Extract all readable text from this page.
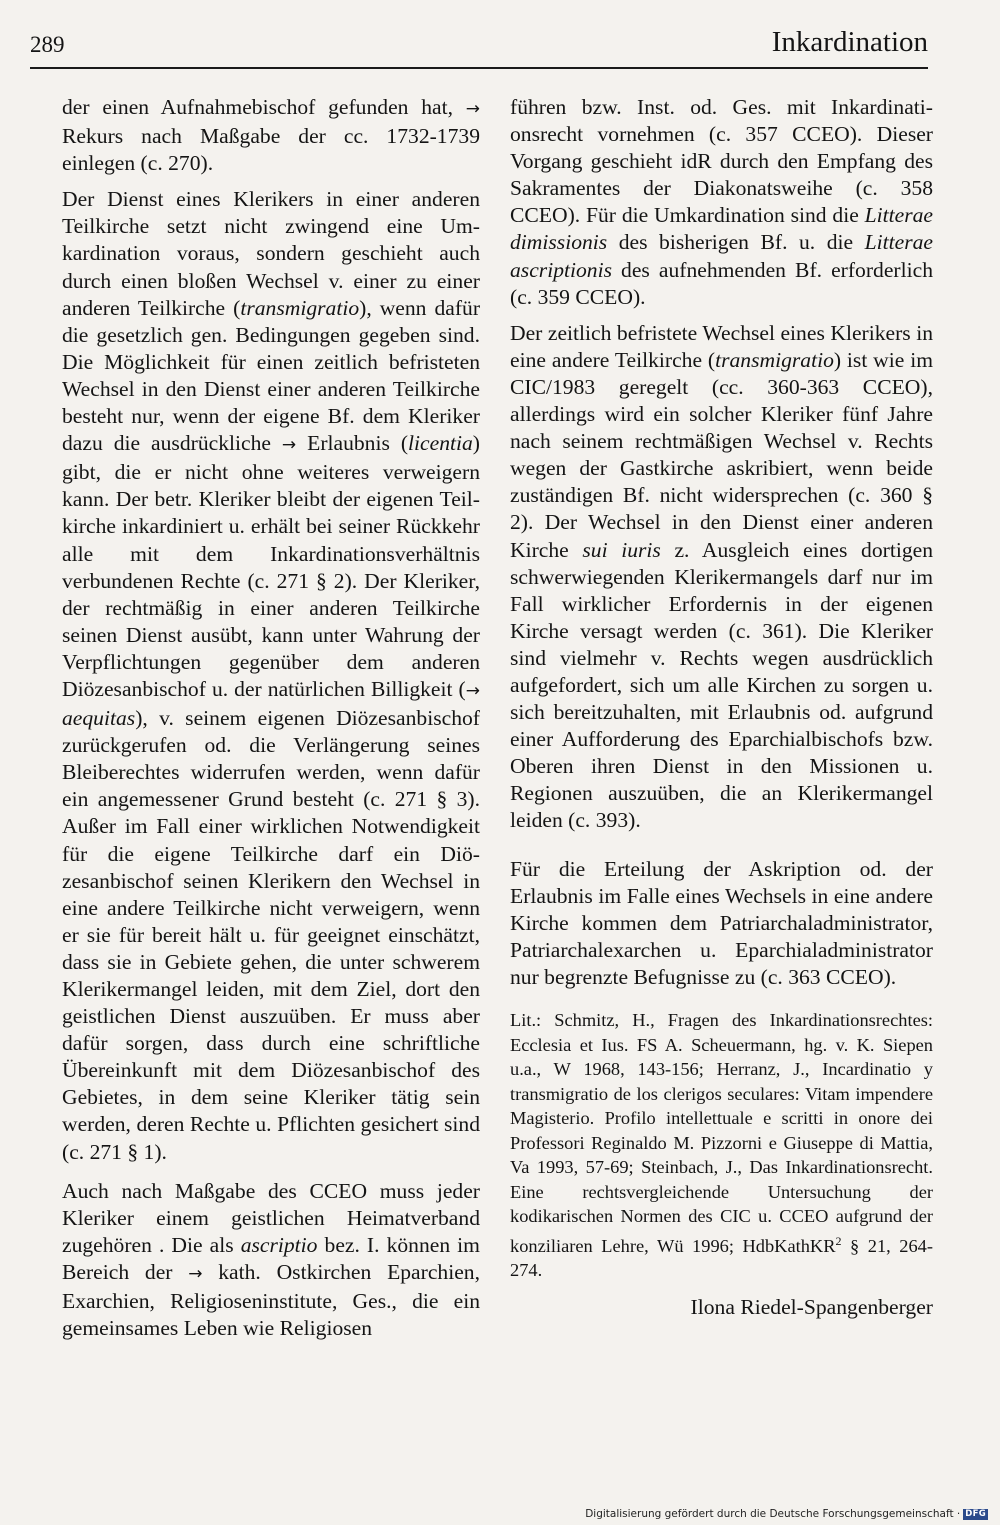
289	Inkardination

der einen Aufnahmebischof gefunden hat, → Rekurs nach Maßgabe der cc. 1732-1739 einlegen (c. 270).

Der Dienst eines Klerikers in einer anderen Teilkirche setzt nicht zwingend eine Umkardination voraus, sondern geschieht auch durch einen bloßen Wechsel v. einer zu einer anderen Teilkirche (transmigratio), wenn dafür die gesetzlich gen. Bedingungen gegeben sind. Die Möglichkeit für einen zeitlich befristeten Wechsel in den Dienst einer anderen Teilkirche besteht nur, wenn der eigene Bf. dem Kleriker dazu die ausdrückliche → Erlaubnis (licentia) gibt, die er nicht ohne weiteres verweigern kann. Der betr. Kleriker bleibt der eigenen Teilkirche inkardiniert u. erhält bei seiner Rückkehr alle mit dem Inkardinationsverhältnis verbundenen Rechte (c. 271 § 2). Der Kleriker, der rechtmäßig in einer anderen Teilkirche seinen Dienst ausübt, kann unter Wahrung der Verpflichtungen gegenüber dem anderen Diözesanbischof u. der natürlichen Billigkeit (→ aequitas), v. seinem eigenen Diözesanbischof zurückgerufen od. die Verlängerung seines Bleiberechtes widerrufen werden, wenn dafür ein angemessener Grund besteht (c. 271 § 3). Außer im Fall einer wirklichen Notwendigkeit für die eigene Teilkirche darf ein Diözesanbischof seinen Klerikern den Wechsel in eine andere Teilkirche nicht verweigern, wenn er sie für bereit hält u. für geeignet einschätzt, dass sie in Gebiete gehen, die unter schwerem Klerikermangel leiden, mit dem Ziel, dort den geistlichen Dienst auszuüben. Er muss aber dafür sorgen, dass durch eine schriftliche Übereinkunft mit dem Diözesanbischof des Gebietes, in dem seine Kleriker tätig sein werden, deren Rechte u. Pflichten gesichert sind (c. 271 § 1).

Auch nach Maßgabe des CCEO muss jeder Kleriker einem geistlichen Heimatverband zugehören . Die als ascriptio bez. I. können im Bereich der → kath. Ostkirchen Eparchien, Exarchien, Religioseninstitute, Ges., die ein gemeinsames Leben wie Religiosen

führen bzw. Inst. od. Ges. mit Inkardinationsrecht vornehmen (c. 357 CCEO). Dieser Vorgang geschieht idR durch den Empfang des Sakramentes der Diakonatsweihe (c. 358 CCEO). Für die Umkardination sind die Litterae dimissionis des bisherigen Bf. u. die Litterae ascriptionis des aufnehmenden Bf. erforderlich (c. 359 CCEO).

Der zeitlich befristete Wechsel eines Klerikers in eine andere Teilkirche (transmigratio) ist wie im CIC/1983 geregelt (cc. 360-363 CCEO), allerdings wird ein solcher Kleriker fünf Jahre nach seinem rechtmäßigen Wechsel v. Rechts wegen der Gastkirche askribiert, wenn beide zuständigen Bf. nicht widersprechen (c. 360 § 2). Der Wechsel in den Dienst einer anderen Kirche sui iuris z. Ausgleich eines dortigen schwerwiegenden Klerikermangels darf nur im Fall wirklicher Erfordernis in der eigenen Kirche versagt werden (c. 361). Die Kleriker sind vielmehr v. Rechts wegen ausdrücklich aufgefordert, sich um alle Kirchen zu sorgen u. sich bereitzuhalten, mit Erlaubnis od. aufgrund einer Aufforderung des Eparchialbischofs bzw. Oberen ihren Dienst in den Missionen u. Regionen auszuüben, die an Klerikermangel leiden (c. 393).

Für die Erteilung der Askription od. der Erlaubnis im Falle eines Wechsels in eine andere Kirche kommen dem Patriarchaladministrator, Patriarchalexarchen u. Eparchialadministrator nur begrenzte Befugnisse zu (c. 363 CCEO).

Lit.: Schmitz, H., Fragen des Inkardinationsrechtes: Ecclesia et Ius. FS A. Scheuermann, hg. v. K. Siepen u.a., W 1968, 143-156; Herranz, J., Incardinatio y transmigratio de los clerigos seculares: Vitam impendere Magisterio. Profilo intellettuale e scritti in onore dei Professori Reginaldo M. Pizzorni e Giuseppe di Mattia, Va 1993, 57-69; Steinbach, J., Das Inkardinationsrecht. Eine rechtsvergleichende Untersuchung der kodikarischen Normen des CIC u. CCEO aufgrund der konziliaren Lehre, Wü 1996; HdbKathKR$^2$ § 21, 264-274.

Ilona Riedel-Spangenberger

Digitalisierung gefördert durch die Deutsche Forschungsgemeinschaft · DFG
